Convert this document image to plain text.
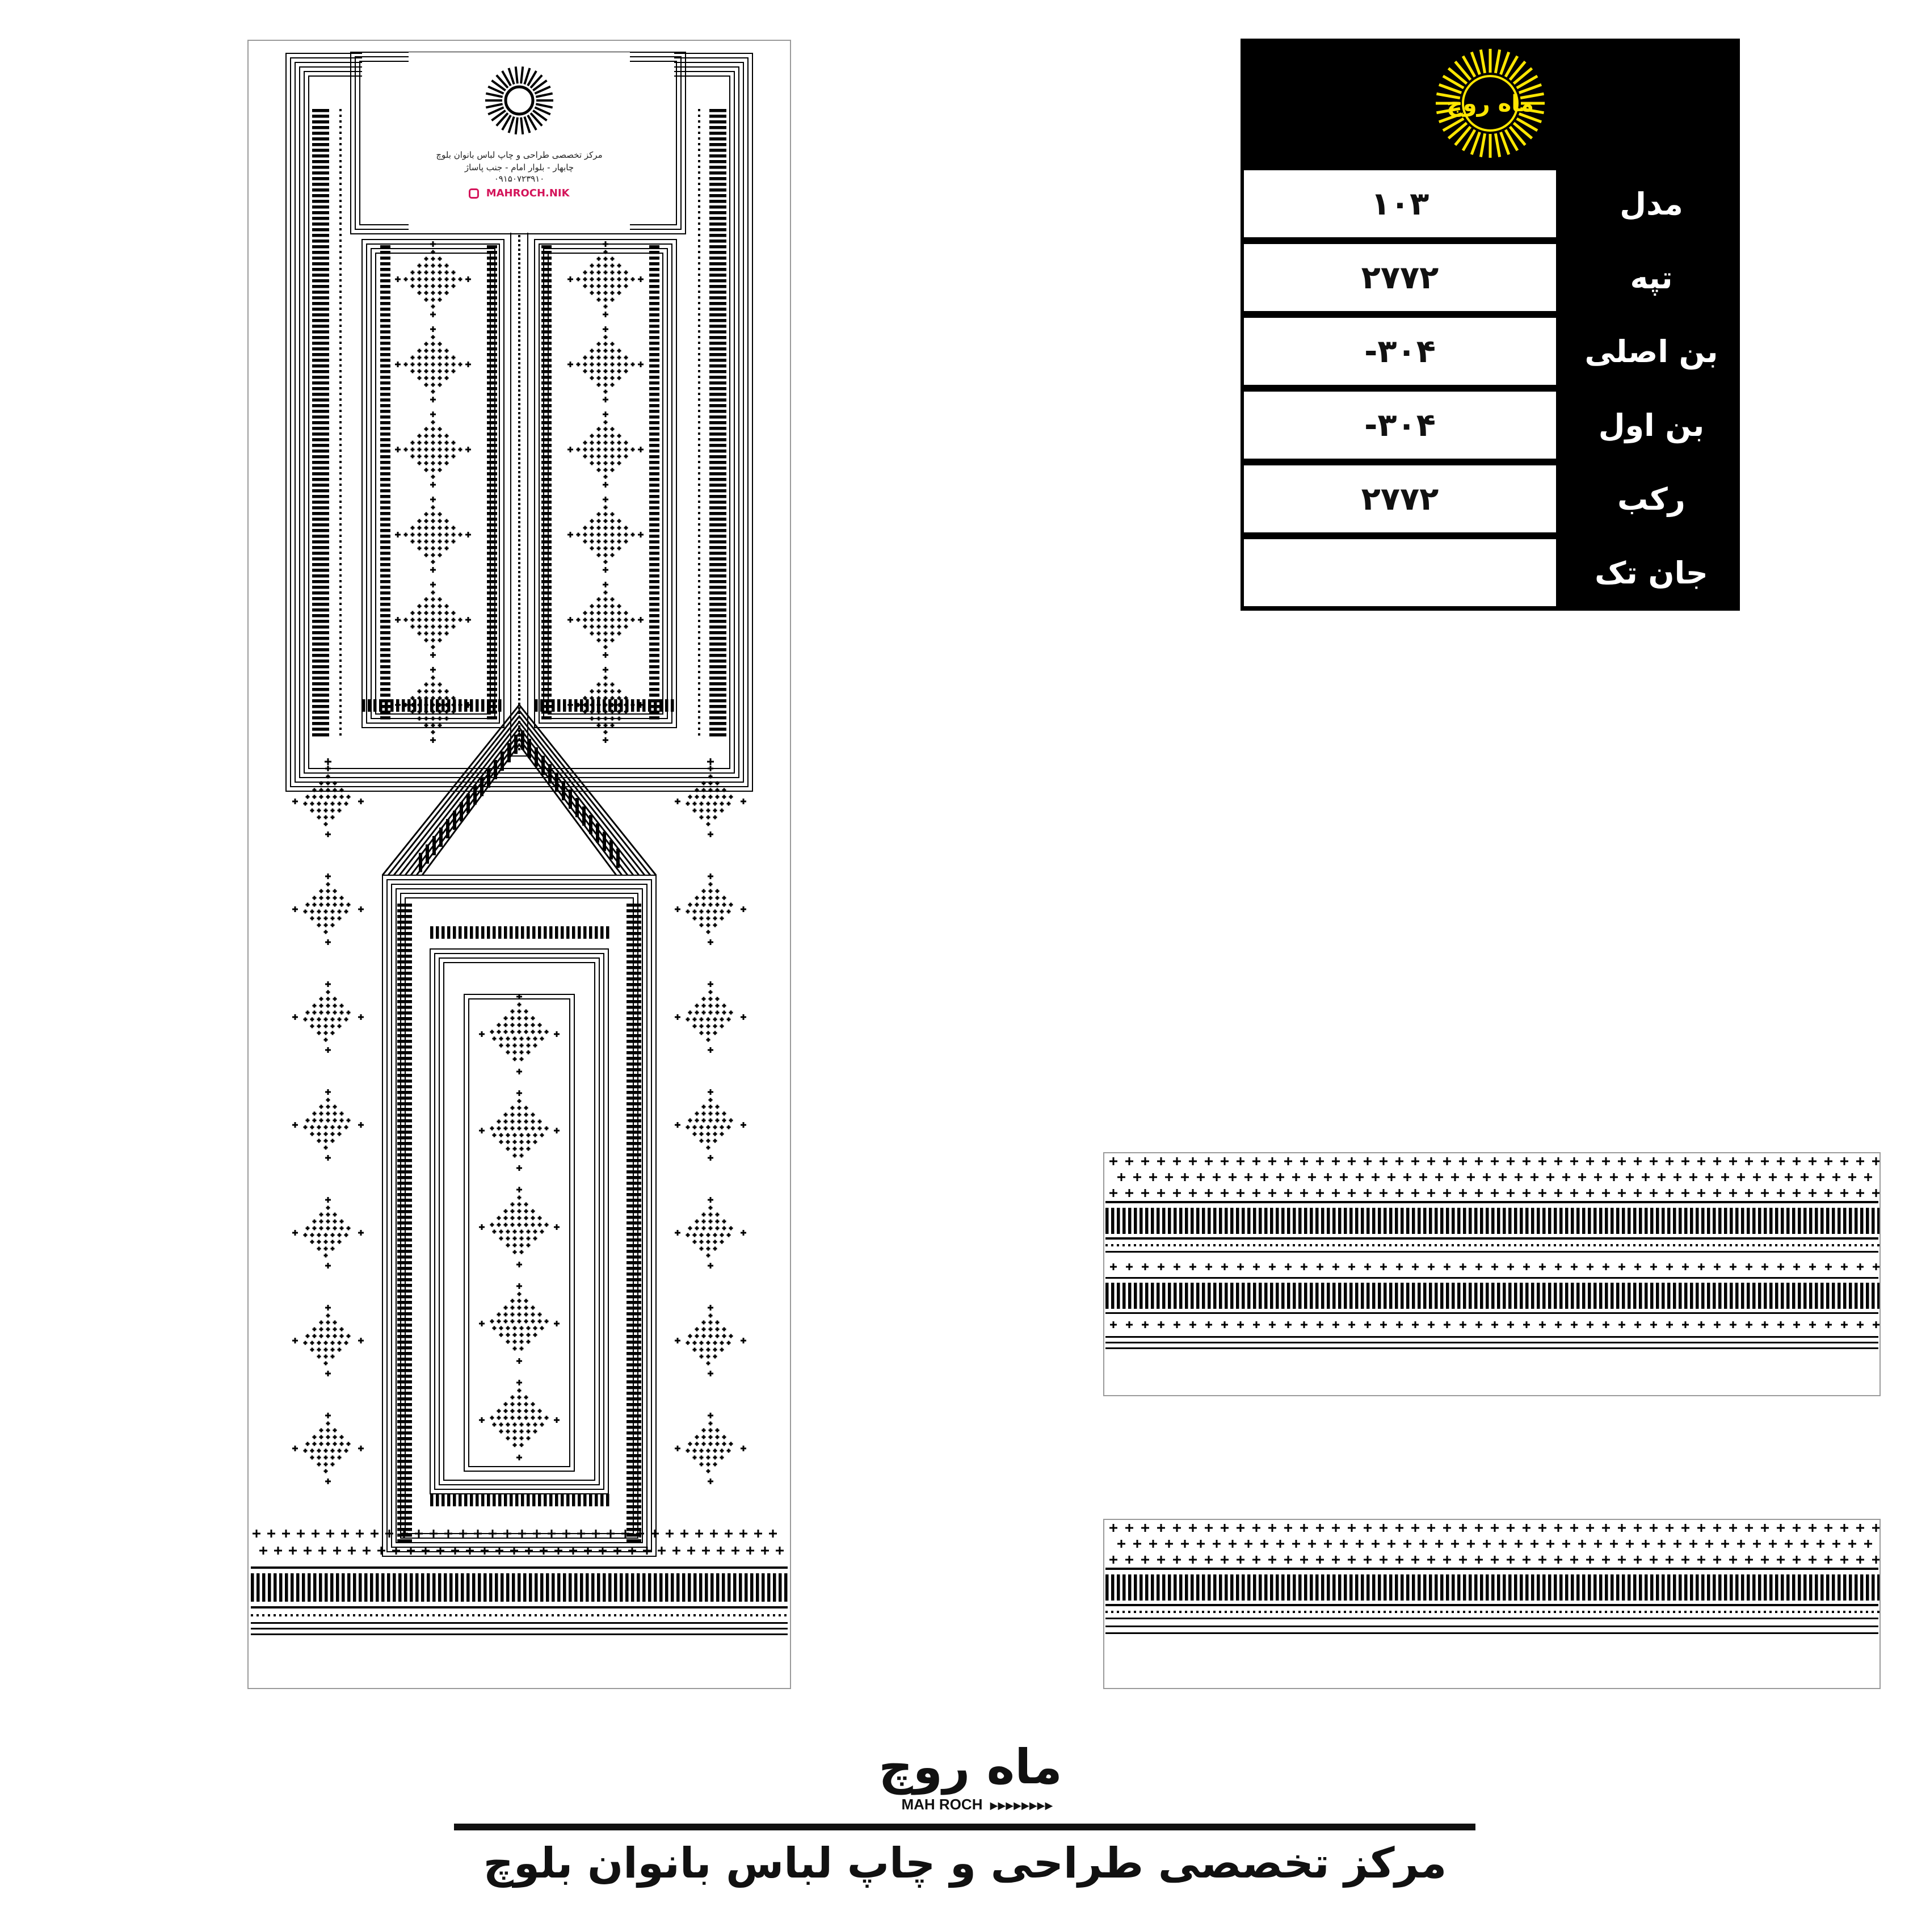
مرکز تخصصی طراحی و چاپ لباس بانوان بلوچ
چابهار - بلوار امام - جنب پاساژ
۰۹۱۵۰۷۲۳۹۱۰
MAHROCH.NIK
ماه روچ
۱۰۳	مدل
۲۷۷۲	تپه
۳۰۴-	بن اصلی
۳۰۴-	بن اول
۲۷۷۲	رکب
جان تک
ماه روچ
MAH ROCH ▶▶▶▶▶▶▶▶
مرکز تخصصی طراحی و چاپ لباس بانوان بلوچ
